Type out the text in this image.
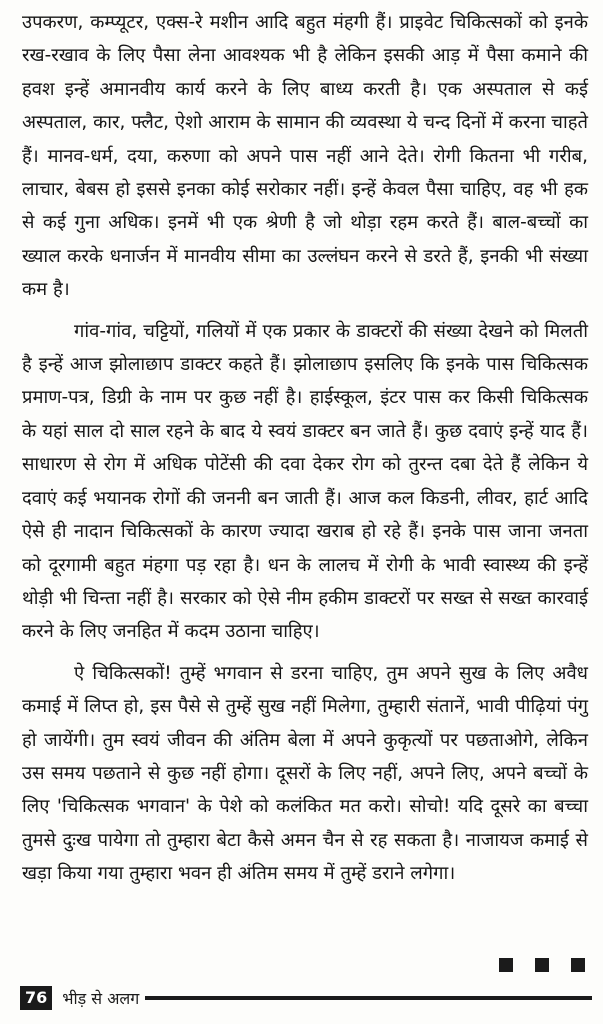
उपकरण, कम्प्यूटर, एक्स-रे मशीन आदि बहुत मंहगी हैं। प्राइवेट चिकित्सकों को इनके रख-रखाव के लिए पैसा लेना आवश्यक भी है लेकिन इसकी आड़ में पैसा कमाने की हवश इन्हें अमानवीय कार्य करने के लिए बाध्य करती है। एक अस्पताल से कई अस्पताल, कार, फ्लैट, ऐशो आराम के सामान की व्यवस्था ये चन्द दिनों में करना चाहते हैं। मानव-धर्म, दया, करुणा को अपने पास नहीं आने देते। रोगी कितना भी गरीब, लाचार, बेबस हो इससे इनका कोई सरोकार नहीं। इन्हें केवल पैसा चाहिए, वह भी हक से कई गुना अधिक। इनमें भी एक श्रेणी है जो थोड़ा रहम करते हैं। बाल-बच्चों का ख्याल करके धनार्जन में मानवीय सीमा का उल्लंघन करने से डरते हैं, इनकी भी संख्या कम है।

गांव-गांव, चट्टियों, गलियों में एक प्रकार के डाक्टरों की संख्या देखने को मिलती है इन्हें आज झोलाछाप डाक्टर कहते हैं। झोलाछाप इसलिए कि इनके पास चिकित्सक प्रमाण-पत्र, डिग्री के नाम पर कुछ नहीं है। हाईस्कूल, इंटर पास कर किसी चिकित्सक के यहां साल दो साल रहने के बाद ये स्वयं डाक्टर बन जाते हैं। कुछ दवाएं इन्हें याद हैं। साधारण से रोग में अधिक पोटेंसी की दवा देकर रोग को तुरन्त दबा देते हैं लेकिन ये दवाएं कई भयानक रोगों की जननी बन जाती हैं। आज कल किडनी, लीवर, हार्ट आदि ऐसे ही नादान चिकित्सकों के कारण ज्यादा खराब हो रहे हैं। इनके पास जाना जनता को दूरगामी बहुत मंहगा पड़ रहा है। धन के लालच में रोगी के भावी स्वास्थ्य की इन्हें थोड़ी भी चिन्ता नहीं है। सरकार को ऐसे नीम हकीम डाक्टरों पर सख्त से सख्त कारवाई करने के लिए जनहित में कदम उठाना चाहिए।

ऐ चिकित्सकों! तुम्हें भगवान से डरना चाहिए, तुम अपने सुख के लिए अवैध कमाई में लिप्त हो, इस पैसे से तुम्हें सुख नहीं मिलेगा, तुम्हारी संतानें, भावी पीढ़ियां पंगु हो जायेंगी। तुम स्वयं जीवन की अंतिम बेला में अपने कुकृत्यों पर पछताओगे, लेकिन उस समय पछताने से कुछ नहीं होगा। दूसरों के लिए नहीं, अपने लिए, अपने बच्चों के लिए 'चिकित्सक भगवान' के पेशे को कलंकित मत करो। सोचो! यदि दूसरे का बच्चा तुमसे दुःख पायेगा तो तुम्हारा बेटा कैसे अमन चैन से रह सकता है। नाजायज कमाई से खड़ा किया गया तुम्हारा भवन ही अंतिम समय में तुम्हें डराने लगेगा।

76 भीड़ से अलग
